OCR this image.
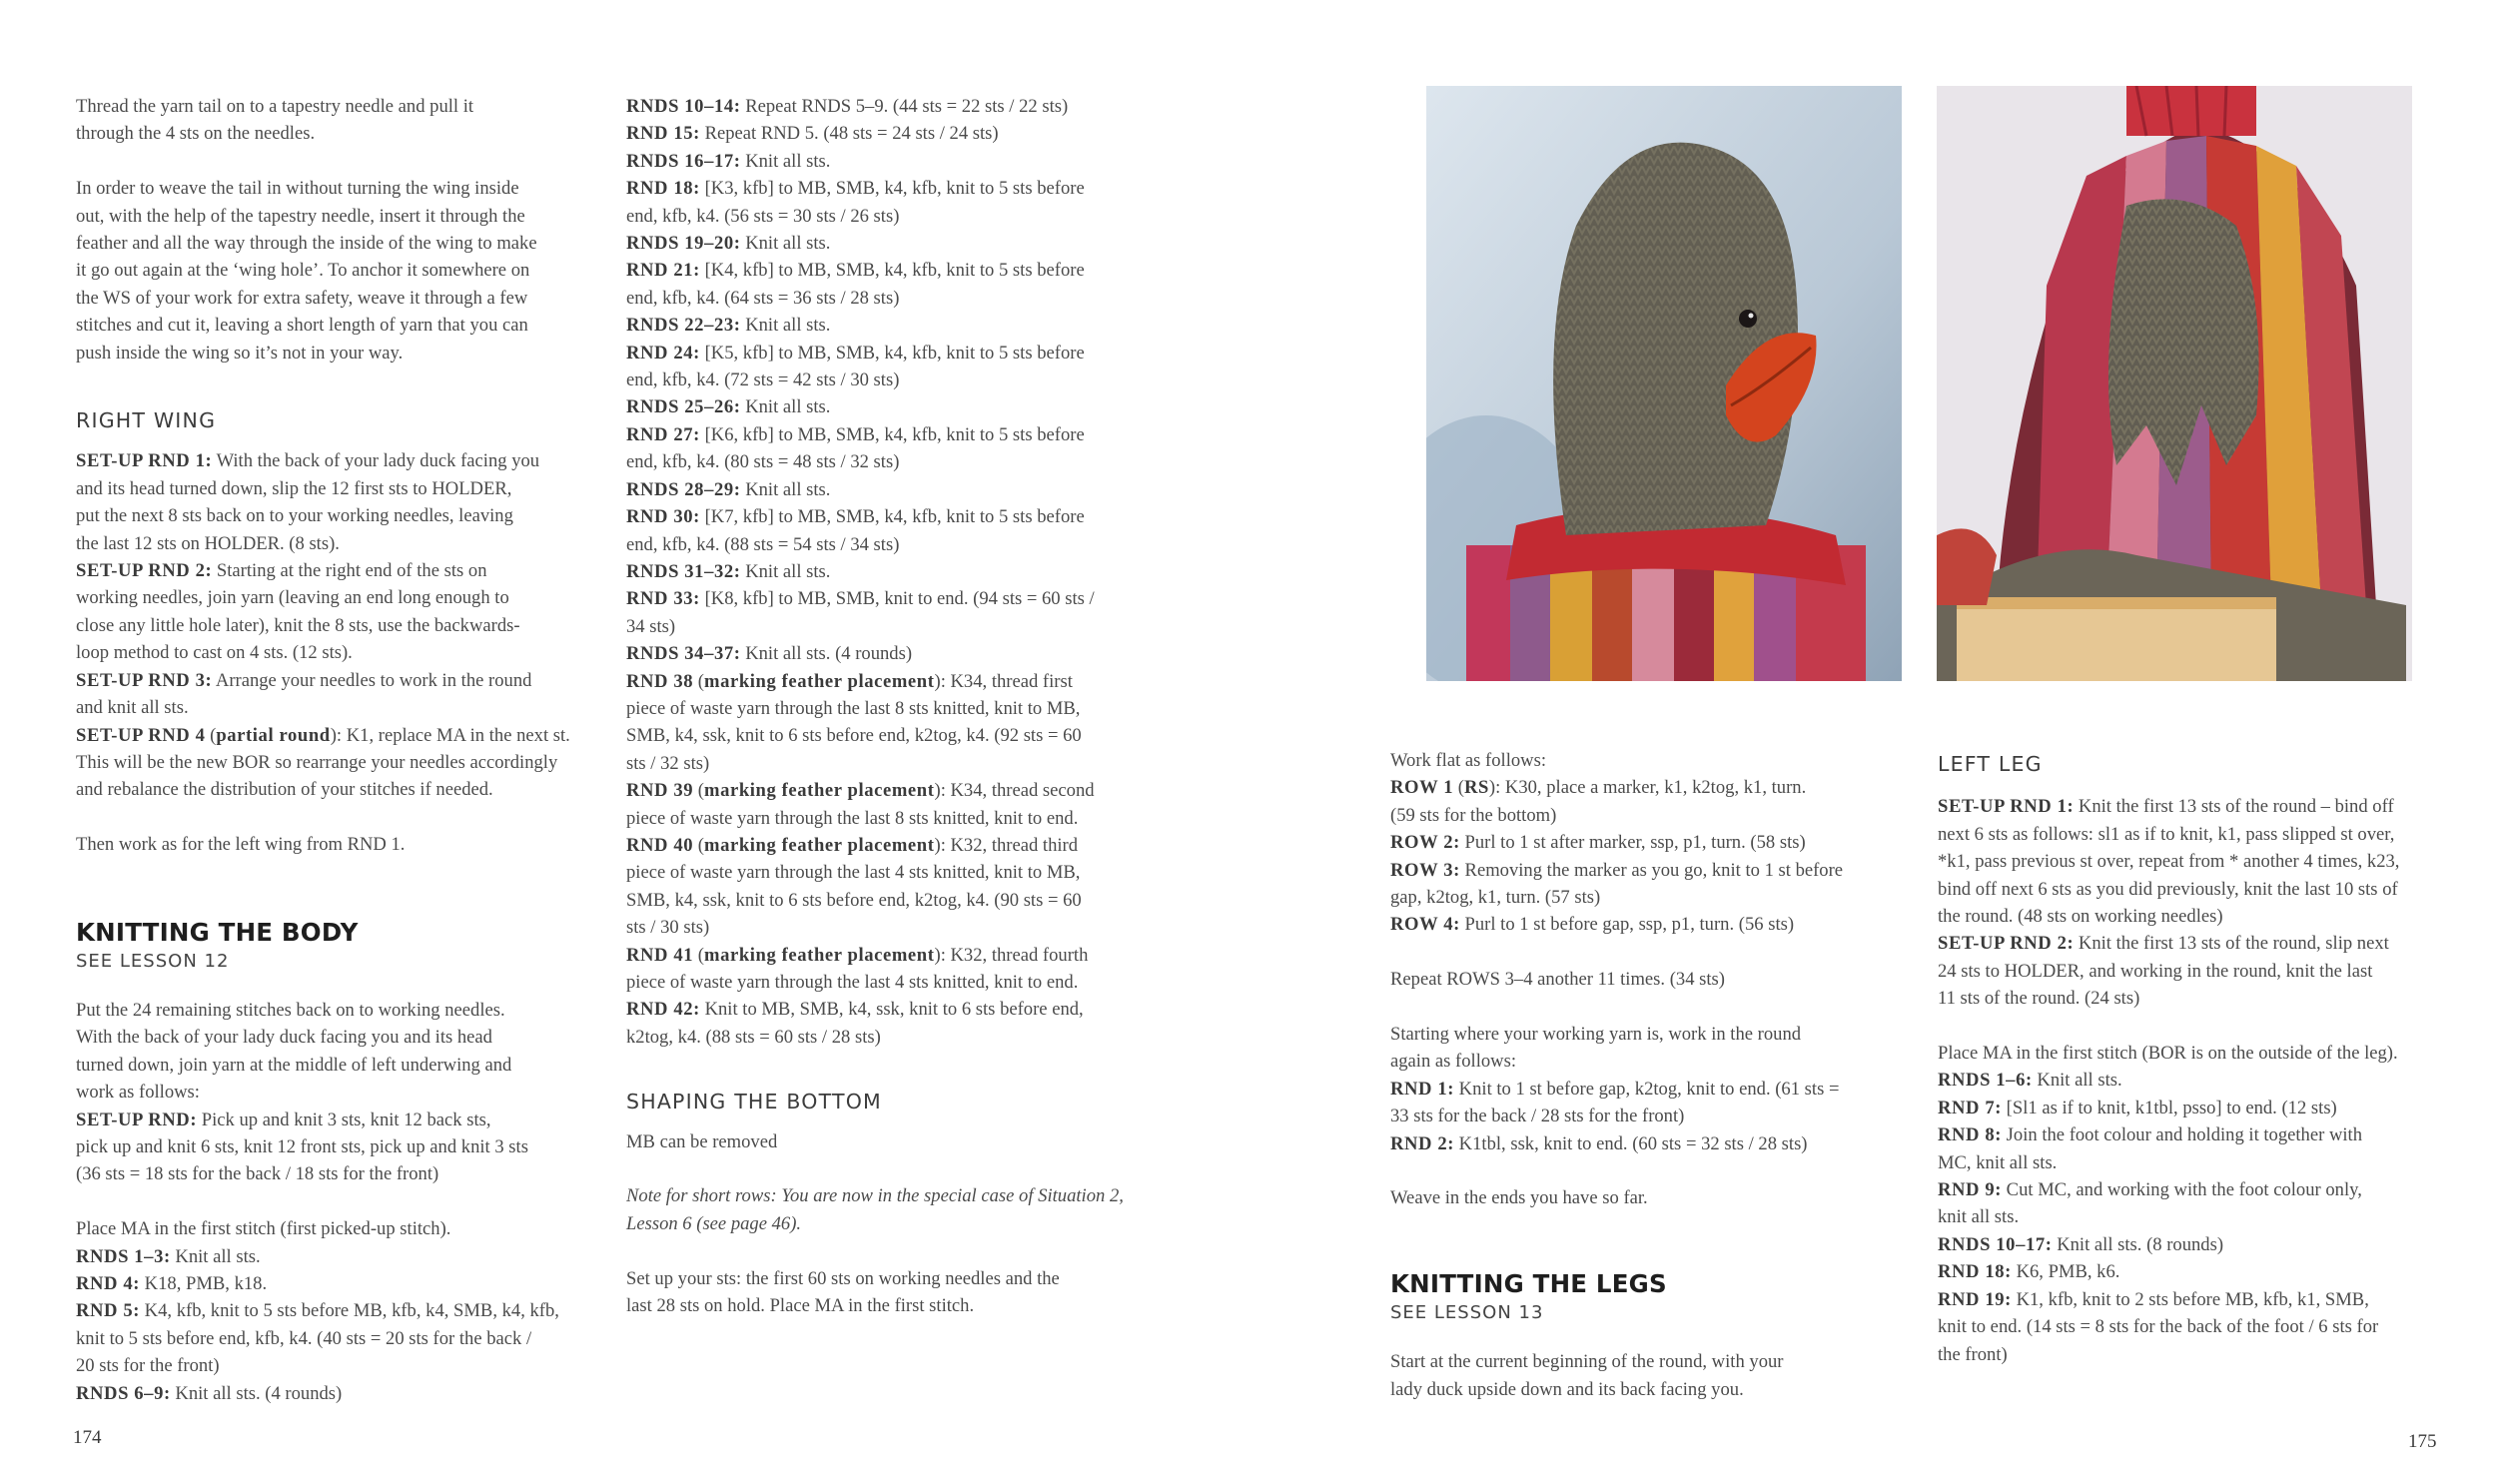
Thread the yarn tail on to a tapestry needle and pull it
through the 4 sts on the needles.
In order to weave the tail in without turning the wing inside
out, with the help of the tapestry needle, insert it through the
feather and all the way through the inside of the wing to make
it go out again at the ‘wing hole’. To anchor it somewhere on
the WS of your work for extra safety, weave it through a few
stitches and cut it, leaving a short length of yarn that you can
push inside the wing so it’s not in your way.

RIGHT WING

SET-UP RND 1: With the back of your lady duck facing you
and its head turned down, slip the 12 first sts to HOLDER,
put the next 8 sts back on to your working needles, leaving
the last 12 sts on HOLDER. (8 sts).
SET-UP RND 2: Starting at the right end of the sts on
working needles, join yarn (leaving an end long enough to
close any little hole later), knit the 8 sts, use the backwards-
loop method to cast on 4 sts. (12 sts).
SET-UP RND 3: Arrange your needles to work in the round
and knit all sts.
SET-UP RND 4 (partial round): K1, replace MA in the next st.
This will be the new BOR so rearrange your needles accordingly
and rebalance the distribution of your stitches if needed.

Then work as for the left wing from RND 1.

KNITTING THE BODY

SEE LESSON 12

Put the 24 remaining stitches back on to working needles.
With the back of your lady duck facing you and its head
turned down, join yarn at the middle of left underwing and
work as follows:
SET-UP RND: Pick up and knit 3 sts, knit 12 back sts,
pick up and knit 6 sts, knit 12 front sts, pick up and knit 3 sts
(36 sts = 18 sts for the back / 18 sts for the front)
Place MA in the first stitch (first picked-up stitch).
RNDS 1–3: Knit all sts.
RND 4: K18, PMB, k18.
RND 5: K4, kfb, knit to 5 sts before MB, kfb, k4, SMB, k4, kfb,
knit to 5 sts before end, kfb, k4. (40 sts = 20 sts for the back /
20 sts for the front)
RNDS 6–9: Knit all sts. (4 rounds)
174
RNDS 10–14: Repeat RNDS 5–9. (44 sts = 22 sts / 22 sts)
RND 15: Repeat RND 5. (48 sts = 24 sts / 24 sts)
RNDS 16–17: Knit all sts.
RND 18: [K3, kfb] to MB, SMB, k4, kfb, knit to 5 sts before
end, kfb, k4. (56 sts = 30 sts / 26 sts)
RNDS 19–20: Knit all sts.
RND 21: [K4, kfb] to MB, SMB, k4, kfb, knit to 5 sts before
end, kfb, k4. (64 sts = 36 sts / 28 sts)
RNDS 22–23: Knit all sts.
RND 24: [K5, kfb] to MB, SMB, k4, kfb, knit to 5 sts before
end, kfb, k4. (72 sts = 42 sts / 30 sts)
RNDS 25–26: Knit all sts.
RND 27: [K6, kfb] to MB, SMB, k4, kfb, knit to 5 sts before
end, kfb, k4. (80 sts = 48 sts / 32 sts)
RNDS 28–29: Knit all sts.
RND 30: [K7, kfb] to MB, SMB, k4, kfb, knit to 5 sts before
end, kfb, k4. (88 sts = 54 sts / 34 sts)
RNDS 31–32: Knit all sts.
RND 33: [K8, kfb] to MB, SMB, knit to end. (94 sts = 60 sts /
34 sts)
RNDS 34–37: Knit all sts. (4 rounds)
RND 38 (marking feather placement): K34, thread first
piece of waste yarn through the last 8 sts knitted, knit to MB,
SMB, k4, ssk, knit to 6 sts before end, k2tog, k4. (92 sts = 60
sts / 32 sts)
RND 39 (marking feather placement): K34, thread second
piece of waste yarn through the last 8 sts knitted, knit to end.
RND 40 (marking feather placement): K32, thread third
piece of waste yarn through the last 4 sts knitted, knit to MB,
SMB, k4, ssk, knit to 6 sts before end, k2tog, k4. (90 sts = 60
sts / 30 sts)
RND 41 (marking feather placement): K32, thread fourth
piece of waste yarn through the last 4 sts knitted, knit to end.
RND 42: Knit to MB, SMB, k4, ssk, knit to 6 sts before end,
k2tog, k4. (88 sts = 60 sts / 28 sts)

SHAPING THE BOTTOM

MB can be removed

Note for short rows: You are now in the special case of Situation 2,
Lesson 6 (see page 46).
Set up your sts: the first 60 sts on working needles and the
last 28 sts on hold. Place MA in the first stitch.
Work flat as follows:
ROW 1 (RS): K30, place a marker, k1, k2tog, k1, turn.
(59 sts for the bottom)
ROW 2: Purl to 1 st after marker, ssp, p1, turn. (58 sts)
ROW 3: Removing the marker as you go, knit to 1 st before
gap, k2tog, k1, turn. (57 sts)
ROW 4: Purl to 1 st before gap, ssp, p1, turn. (56 sts)

Repeat ROWS 3–4 another 11 times. (34 sts)

Starting where your working yarn is, work in the round
again as follows:
RND 1: Knit to 1 st before gap, k2tog, knit to end. (61 sts =
33 sts for the back / 28 sts for the front)
RND 2: K1tbl, ssk, knit to end. (60 sts = 32 sts / 28 sts)

Weave in the ends you have so far.

KNITTING THE LEGS

SEE LESSON 13

Start at the current beginning of the round, with your
lady duck upside down and its back facing you.

LEFT LEG

SET-UP RND 1: Knit the first 13 sts of the round – bind off
next 6 sts as follows: sl1 as if to knit, k1, pass slipped st over,
*k1, pass previous st over, repeat from * another 4 times, k23,
bind off next 6 sts as you did previously, knit the last 10 sts of
the round. (48 sts on working needles)
SET-UP RND 2: Knit the first 13 sts of the round, slip next
24 sts to HOLDER, and working in the round, knit the last
11 sts of the round. (24 sts)
Place MA in the first stitch (BOR is on the outside of the leg).
RNDS 1–6: Knit all sts.
RND 7: [Sl1 as if to knit, k1tbl, psso] to end. (12 sts)
RND 8: Join the foot colour and holding it together with
MC, knit all sts.
RND 9: Cut MC, and working with the foot colour only,
knit all sts.
RNDS 10–17: Knit all sts. (8 rounds)
RND 18: K6, PMB, k6.
RND 19: K1, kfb, knit to 2 sts before MB, kfb, k1, SMB,
knit to end. (14 sts = 8 sts for the back of the foot / 6 sts for
the front)
175
